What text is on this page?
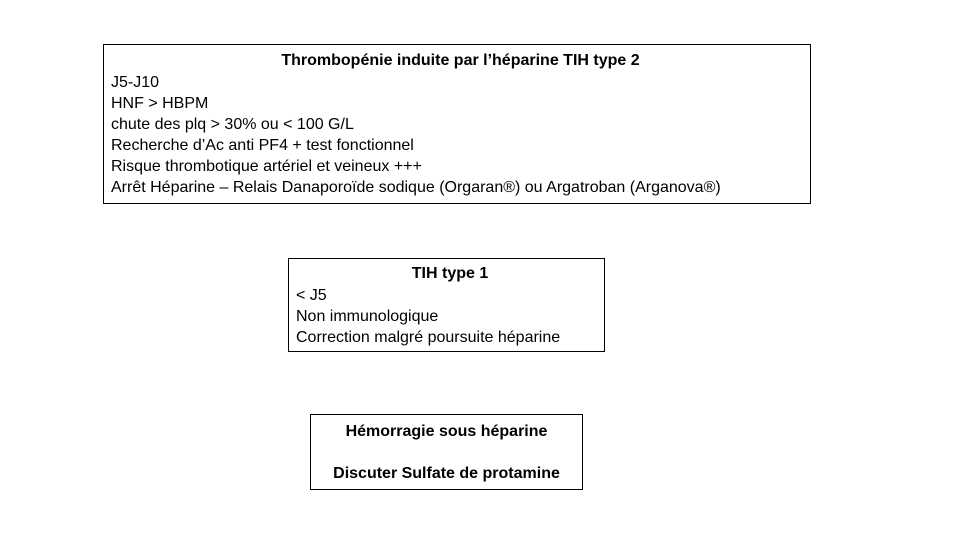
Thrombopénie induite par l’héparine TIH type 2
J5-J10
HNF > HBPM
chute des plq > 30% ou < 100 G/L
Recherche d’Ac anti PF4 + test fonctionnel
Risque thrombotique artériel et veineux +++
Arrêt Héparine – Relais Danaporoïde sodique (Orgaran®) ou Argatroban (Arganova®)
TIH type 1
< J5
Non immunologique
Correction malgré poursuite héparine
Hémorragie sous héparine
Discuter Sulfate de protamine
